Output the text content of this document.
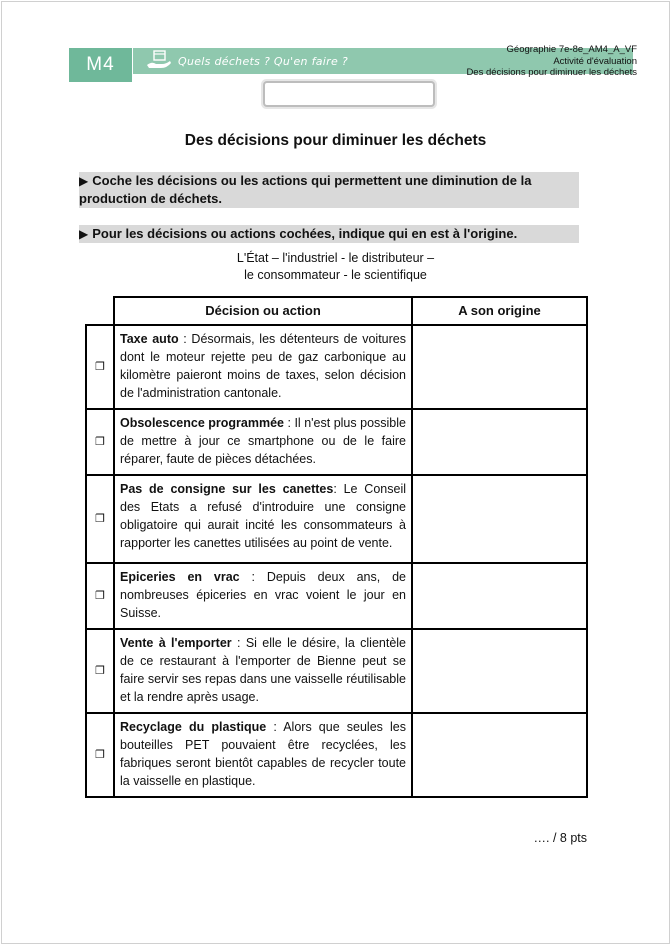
M4	Quels déchets ? Qu'en faire ?
Géographie 7e-8e_AM4_A_VF
Activité d'évaluation
Des décisions pour diminuer les déchets
Des décisions pour diminuer les déchets
▶ Coche les décisions ou les actions qui permettent une diminution de la production de déchets.
▶ Pour les décisions ou actions cochées, indique qui en est à l'origine.
L'État – l'industriel - le distributeur –
le consommateur - le scientifique
	Décision ou action	A son origine
❐	Taxe auto : Désormais, les détenteurs de voitures dont le moteur rejette peu de gaz carbonique au kilomètre paieront moins de taxes, selon décision de l'administration cantonale.	
❐	Obsolescence programmée : Il n'est plus possible de mettre à jour ce smartphone ou de le faire réparer, faute de pièces détachées.	
❐	Pas de consigne sur les canettes: Le Conseil des Etats a refusé d'introduire une consigne obligatoire qui aurait incité les consommateurs à rapporter les canettes utilisées au point de vente.	
❐	Epiceries en vrac : Depuis deux ans, de nombreuses épiceries en vrac voient le jour en Suisse.	
❐	Vente à l'emporter : Si elle le désire, la clientèle de ce restaurant à l'emporter de Bienne peut se faire servir ses repas dans une vaisselle réutilisable et la rendre après usage.	
❐	Recyclage du plastique : Alors que seules les bouteilles PET pouvaient être recyclées, les fabriques seront bientôt capables de recycler toute la vaisselle en plastique.	
…. / 8 pts
